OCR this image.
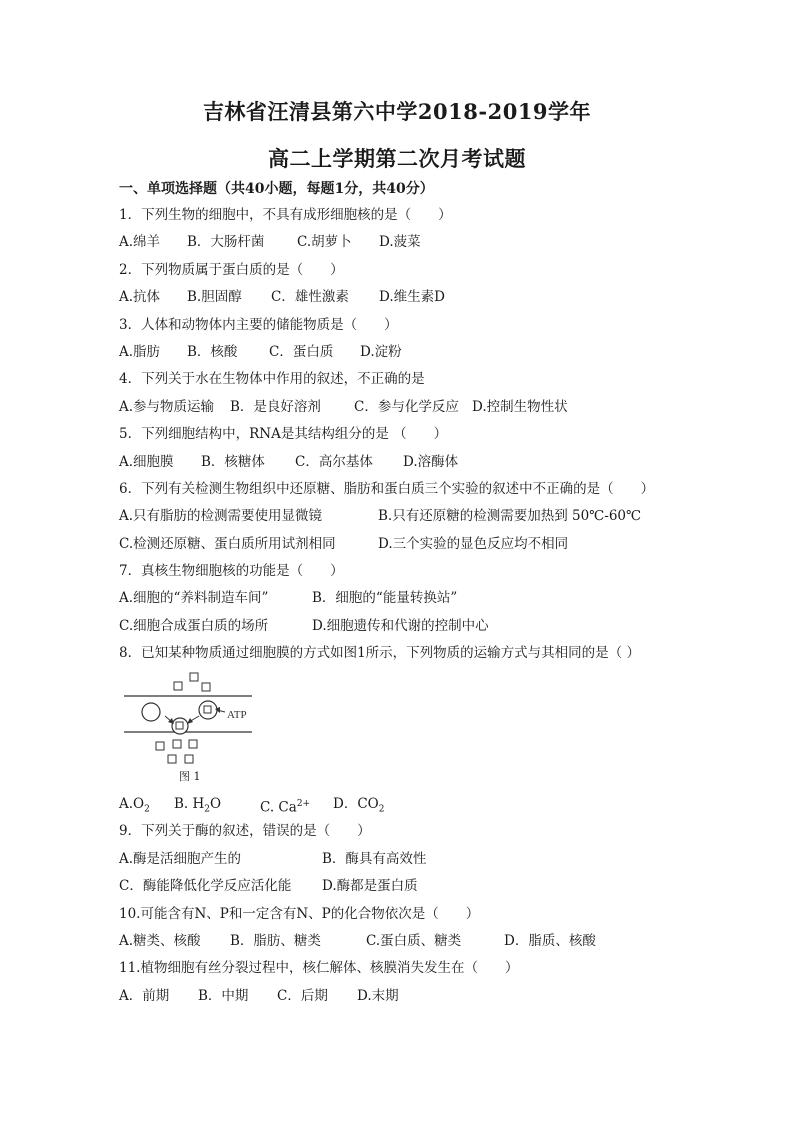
吉林省汪清县第六中学2018-2019学年
高二上学期第二次月考试题
一、单项选择题（共40小题，每题1分，共40分）
1．下列生物的细胞中，不具有成形细胞核的是（　　）
A.绵羊 B．大肠杆菌 C.胡萝卜 D.菠菜
2．下列物质属于蛋白质的是（　　）
A.抗体 B.胆固醇 C．雄性激素 D.维生素D
3．人体和动物体内主要的储能物质是（　　）
A.脂肪 B．核酸 C．蛋白质 D.淀粉
4．下列关于水在生物体中作用的叙述，不正确的是
A.参与物质运输 B．是良好溶剂 C．参与化学反应 D.控制生物性状
5．下列细胞结构中，RNA是其结构组分的是 （　　）
A.细胞膜 B．核糖体 C．高尔基体 D.溶酶体
6．下列有关检测生物组织中还原糖、脂肪和蛋白质三个实验的叙述中不正确的是（　　）
A.只有脂肪的检测需要使用显微镜	B.只有还原糖的检测需要加热到 50℃-60℃
C.检测还原糖、蛋白质所用试剂相同	D.三个实验的显色反应均不相同
7．真核生物细胞核的功能是（　　）
A.细胞的“养料制造车间”	B．细胞的“能量转换站”
C.细胞合成蛋白质的场所	D.细胞遗传和代谢的控制中心
8．已知某种物质通过细胞膜的方式如图1所示，下列物质的运输方式与其相同的是（ ）
ATP
图 1
$A.O_2$ B. $H_2O$	C. $Ca^{2+}$ D．$CO_2$
9．下列关于酶的叙述，错误的是（　　）
A.酶是活细胞产生的	B．酶具有高效性
C．酶能降低化学反应活化能 D.酶都是蛋白质
10.可能含有N、P和一定含有N、P的化合物依次是（　　）
A.糖类、核酸 B．脂肪、糖类	C.蛋白质、糖类	D．脂质、核酸
11.植物细胞有丝分裂过程中，核仁解体、核膜消失发生在（　　）
A．前期 B．中期 C．后期 D.末期
